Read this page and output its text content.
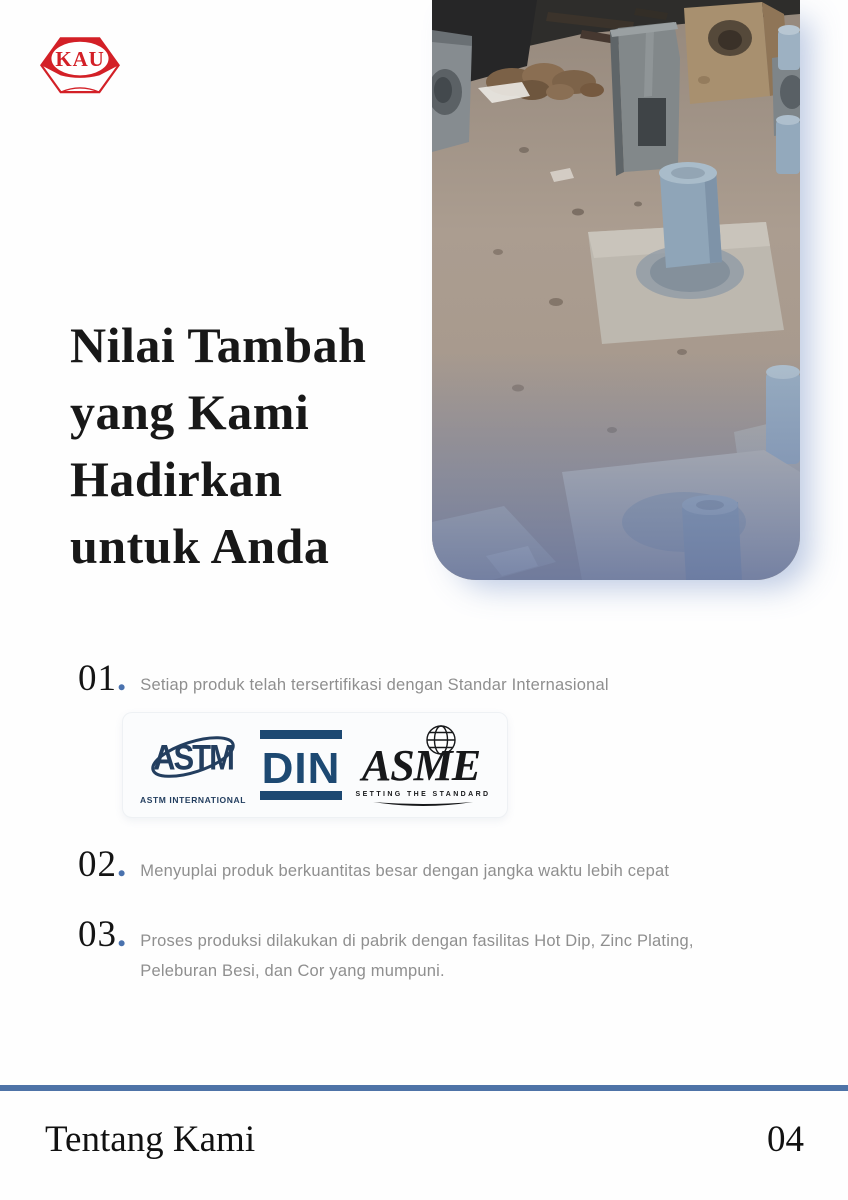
KAU
Nilai Tambah
yang Kami
Hadirkan
untuk Anda
01 . Setiap produk telah tersertifikasi dengan Standar Internasional
02 . Menyuplai produk berkuantitas besar dengan jangka waktu lebih cepat
03 . Proses produksi dilakukan di pabrik dengan fasilitas Hot Dip, Zinc Plating, Peleburan Besi, dan Cor yang mumpuni.
ASTM
ASTM INTERNATIONAL
DIN ASME
SETTING THE STANDARD
Tentang Kami	04
